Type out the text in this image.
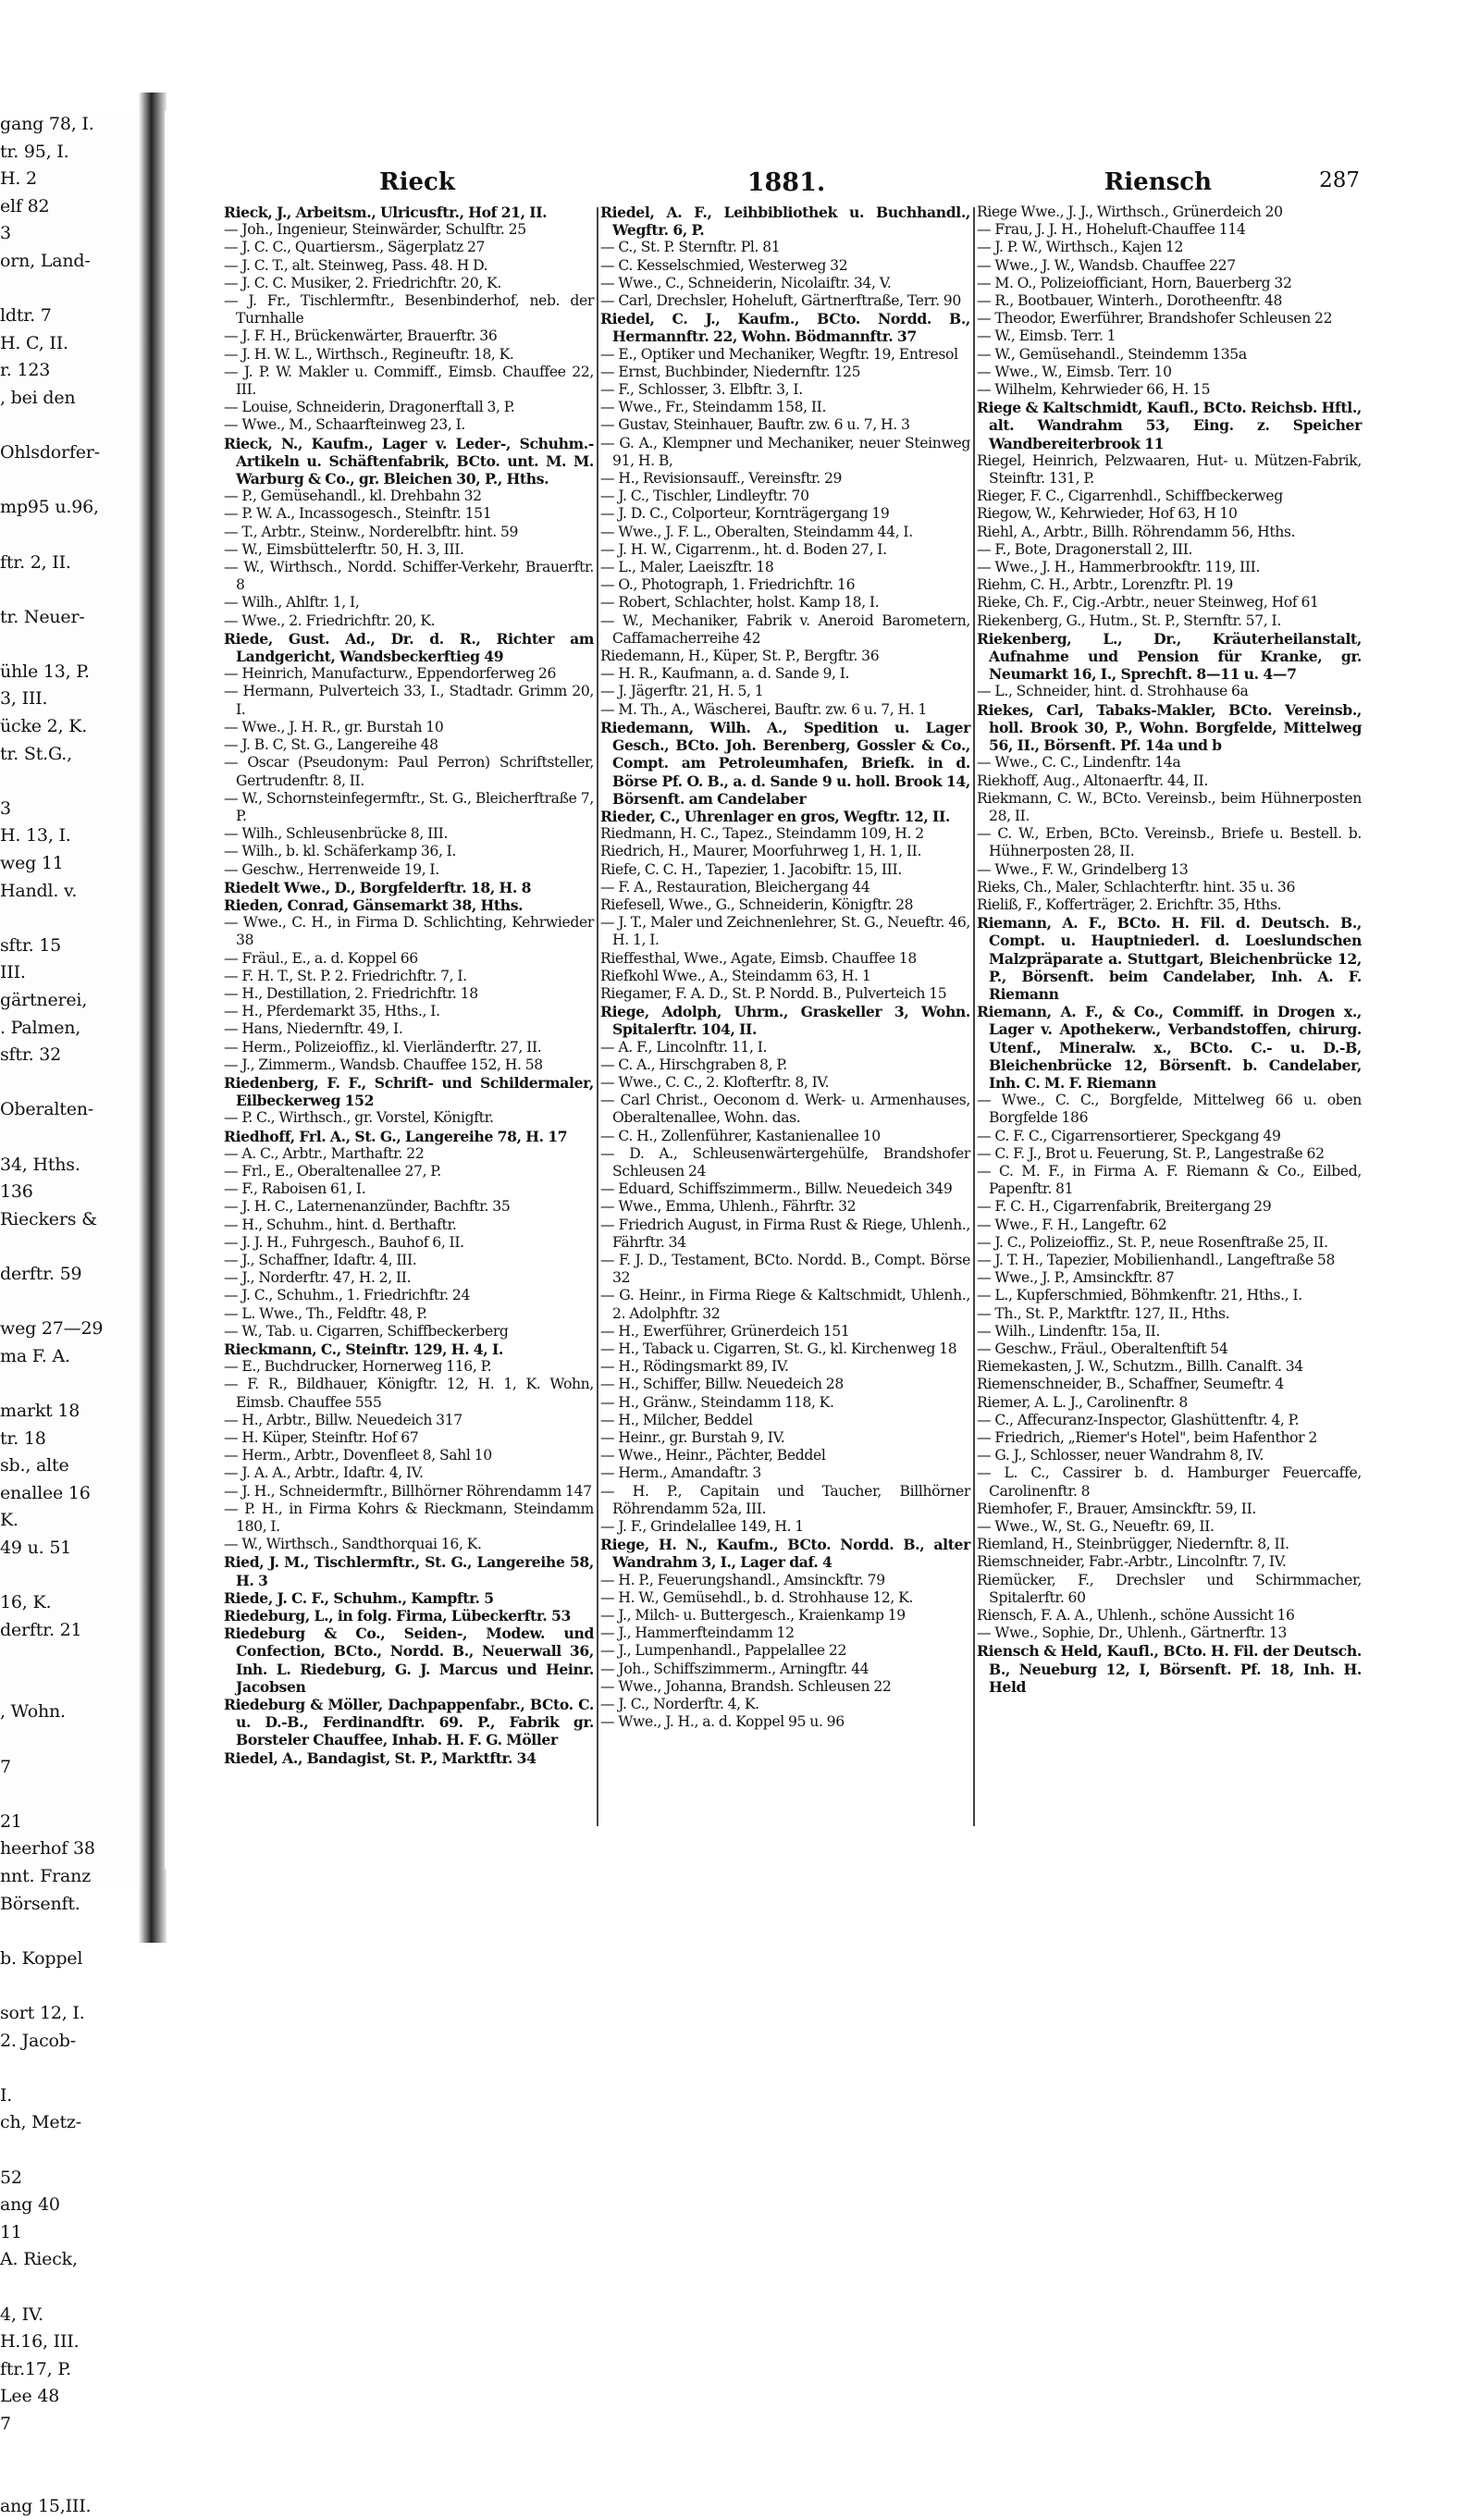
gang 78, I.
tr. 95, I.
H. 2
elf 82
3
orn, Land-

ldtr. 7
H. C, II.
r. 123
, bei den

Ohlsdorfer-

mp95 u.96,

ftr. 2, II.

tr. Neuer-

ühle 13, P.
3, III.
ücke 2, K.
tr. St.G.,

3
H. 13, I.
weg 11
Handl. v.

sftr. 15
III.
gärtnerei,
. Palmen,
sftr. 32

Oberalten-

34, Hths.
136
Rieckers &

derftr. 59

weg 27—29
ma F. A.

markt 18
tr. 18
sb., alte
enallee 16
K.
49 u. 51

16, K.
derftr. 21

, Wohn.

7

21
heerhof 38
nnt. Franz
Börsenft.

b. Koppel

sort 12, I.
2. Jacob-

I.
ch, Metz-

52
ang 40
11
A. Rieck,

4, IV.
H.16, III.
ftr.17, P.
Lee 48
7

ang 15,III.
Rieck	1881.	Riensch	287

Rieck, J., Arbeitsm., Ulricusftr., Hof 21, II.

— Joh., Ingenieur, Steinwärder, Schulftr. 25

— J. C. C., Quartiersm., Sägerplatz 27

— J. C. T., alt. Steinweg, Pass. 48. H D.

— J. C. C. Musiker, 2. Friedrichftr. 20, K.

— J. Fr., Tischlermftr., Besenbinderhof, neb. der Turnhalle

— J. F. H., Brückenwärter, Brauerftr. 36

— J. H. W. L., Wirthsch., Regineuftr. 18, K.

— J. P. W. Makler u. Commiff., Eimsb. Chauffee 22, III.

— Louise, Schneiderin, Dragonerftall 3, P.

— Wwe., M., Schaarfteinweg 23, I.

Rieck, N., Kaufm., Lager v. Leder-, Schuhm.-Artikeln u. Schäftenfabrik, BCto. unt. M. M. Warburg & Co., gr. Bleichen 30, P., Hths.

— P., Gemüsehandl., kl. Drehbahn 32

— P. W. A., Incassogesch., Steinftr. 151

— T., Arbtr., Steinw., Norderelbftr. hint. 59

— W., Eimsbüttelerftr. 50, H. 3, III.

— W., Wirthsch., Nordd. Schiffer-Verkehr, Brauerftr. 8

— Wilh., Ahlftr. 1, I,

— Wwe., 2. Friedrichftr. 20, K.

Riede, Gust. Ad., Dr. d. R., Richter am Landgericht, Wandsbeckerftieg 49

— Heinrich, Manufacturw., Eppendorferweg 26

— Hermann, Pulverteich 33, I., Stadtadr. Grimm 20, I.

— Wwe., J. H. R., gr. Burstah 10

— J. B. C, St. G., Langereihe 48

— Oscar (Pseudonym: Paul Perron) Schriftsteller, Gertrudenftr. 8, II.

— W., Schornsteinfegermftr., St. G., Bleicherftraße 7, P.

— Wilh., Schleusenbrücke 8, III.

— Wilh., b. kl. Schäferkamp 36, I.

— Geschw., Herrenweide 19, I.

Riedelt Wwe., D., Borgfelderftr. 18, H. 8

Rieden, Conrad, Gänsemarkt 38, Hths.

— Wwe., C. H., in Firma D. Schlichting, Kehrwieder 38

— Fräul., E., a. d. Koppel 66

— F. H. T., St. P. 2. Friedrichftr. 7, I.

— H., Destillation, 2. Friedrichftr. 18

— H., Pferdemarkt 35, Hths., I.

— Hans, Niedernftr. 49, I.

— Herm., Polizeioffiz., kl. Vierländerftr. 27, II.

— J., Zimmerm., Wandsb. Chauffee 152, H. 58

Riedenberg, F. F., Schrift- und Schildermaler, Eilbeckerweg 152

— P. C., Wirthsch., gr. Vorstel, Königftr.

Riedhoff, Frl. A., St. G., Langereihe 78, H. 17

— A. C., Arbtr., Marthaftr. 22

— Frl., E., Oberaltenallee 27, P.

— F., Raboisen 61, I.

— J. H. C., Laternenanzünder, Bachftr. 35

— H., Schuhm., hint. d. Berthaftr.

— J. J. H., Fuhrgesch., Bauhof 6, II.

— J., Schaffner, Idaftr. 4, III.

— J., Norderftr. 47, H. 2, II.

— J. C., Schuhm., 1. Friedrichftr. 24

— L. Wwe., Th., Feldftr. 48, P.

— W., Tab. u. Cigarren, Schiffbeckerberg

Rieckmann, C., Steinftr. 129, H. 4, I.

— E., Buchdrucker, Hornerweg 116, P.

— F. R., Bildhauer, Königftr. 12, H. 1, K. Wohn, Eimsb. Chauffee 555

— H., Arbtr., Billw. Neuedeich 317

— H. Küper, Steinftr. Hof 67

— Herm., Arbtr., Dovenfleet 8, Sahl 10

— J. A. A., Arbtr., Idaftr. 4, IV.

— J. H., Schneidermftr., Billhörner Röhrendamm 147

— P. H., in Firma Kohrs & Rieckmann, Steindamm 180, I.

— W., Wirthsch., Sandthorquai 16, K.

Ried, J. M., Tischlermftr., St. G., Langereihe 58, H. 3

Riede, J. C. F., Schuhm., Kampftr. 5

Riedeburg, L., in folg. Firma, Lübeckerftr. 53

Riedeburg & Co., Seiden-, Modew. und Confection, BCto., Nordd. B., Neuerwall 36, Inh. L. Riedeburg, G. J. Marcus und Heinr. Jacobsen

Riedeburg & Möller, Dachpappenfabr., BCto. C. u. D.-B., Ferdinandftr. 69. P., Fabrik gr. Borsteler Chauffee, Inhab. H. F. G. Möller

Riedel, A., Bandagist, St. P., Marktftr. 34

Riedel, A. F., Leihbibliothek u. Buchhandl., Wegftr. 6, P.

— C., St. P. Sternftr. Pl. 81

— C. Kesselschmied, Westerweg 32

— Wwe., C., Schneiderin, Nicolaiftr. 34, V.

— Carl, Drechsler, Hoheluft, Gärtnerftraße, Terr. 90

Riedel, C. J., Kaufm., BCto. Nordd. B., Hermannftr. 22, Wohn. Bödmannftr. 37

— E., Optiker und Mechaniker, Wegftr. 19, Entresol

— Ernst, Buchbinder, Niedernftr. 125

— F., Schlosser, 3. Elbftr. 3, I.

— Wwe., Fr., Steindamm 158, II.

— Gustav, Steinhauer, Bauftr. zw. 6 u. 7, H. 3

— G. A., Klempner und Mechaniker, neuer Steinweg 91, H. B,

— H., Revisionsauff., Vereinsftr. 29

— J. C., Tischler, Lindleyftr. 70

— J. D. C., Colporteur, Kornträgergang 19

— Wwe., J. F. L., Oberalten, Steindamm 44, I.

— J. H. W., Cigarrenm., ht. d. Boden 27, I.

— L., Maler, Laeiszftr. 18

— O., Photograph, 1. Friedrichftr. 16

— Robert, Schlachter, holst. Kamp 18, I.

— W., Mechaniker, Fabrik v. Aneroid Barometern, Caffamacherreihe 42

Riedemann, H., Küper, St. P., Bergftr. 36

— H. R., Kaufmann, a. d. Sande 9, I.

— J. Jägerftr. 21, H. 5, 1

— M. Th., A., Wäscherei, Bauftr. zw. 6 u. 7, H. 1

Riedemann, Wilh. A., Spedition u. Lager Gesch., BCto. Joh. Berenberg, Gossler & Co., Compt. am Petroleumhafen, Briefk. in d. Börse Pf. O. B., a. d. Sande 9 u. holl. Brook 14, Börsenft. am Candelaber

Rieder, C., Uhrenlager en gros, Wegftr. 12, II.

Riedmann, H. C., Tapez., Steindamm 109, H. 2

Riedrich, H., Maurer, Moorfuhrweg 1, H. 1, II.

Riefe, C. C. H., Tapezier, 1. Jacobiftr. 15, III.

— F. A., Restauration, Bleichergang 44

Riefesell, Wwe., G., Schneiderin, Königftr. 28

— J. T., Maler und Zeichnenlehrer, St. G., Neueftr. 46, H. 1, I.

Rieffesthal, Wwe., Agate, Eimsb. Chauffee 18

Riefkohl Wwe., A., Steindamm 63, H. 1

Riegamer, F. A. D., St. P. Nordd. B., Pulverteich 15

Riege, Adolph, Uhrm., Graskeller 3, Wohn. Spitalerftr. 104, II.

— A. F., Lincolnftr. 11, I.

— C. A., Hirschgraben 8, P.

— Wwe., C. C., 2. Klofterftr. 8, IV.

— Carl Christ., Oeconom d. Werk- u. Armenhauses, Oberaltenallee, Wohn. das.

— C. H., Zollenführer, Kastanienallee 10

— D. A., Schleusenwärtergehülfe, Brandshofer Schleusen 24

— Eduard, Schiffszimmerm., Billw. Neuedeich 349

— Wwe., Emma, Uhlenh., Fährftr. 32

— Friedrich August, in Firma Rust & Riege, Uhlenh., Fährftr. 34

— F. J. D., Testament, BCto. Nordd. B., Compt. Börse 32

— G. Heinr., in Firma Riege & Kaltschmidt, Uhlenh., 2. Adolphftr. 32

— H., Ewerführer, Grünerdeich 151

— H., Taback u. Cigarren, St. G., kl. Kirchenweg 18

— H., Rödingsmarkt 89, IV.

— H., Schiffer, Billw. Neuedeich 28

— H., Gränw., Steindamm 118, K.

— H., Milcher, Beddel

— Heinr., gr. Burstah 9, IV.

— Wwe., Heinr., Pächter, Beddel

— Herm., Amandaftr. 3

— H. P., Capitain und Taucher, Billhörner Röhrendamm 52a, III.

— J. F., Grindelallee 149, H. 1

Riege, H. N., Kaufm., BCto. Nordd. B., alter Wandrahm 3, I., Lager daf. 4

— H. P., Feuerungshandl., Amsinckftr. 79

— H. W., Gemüsehdl., b. d. Strohhause 12, K.

— J., Milch- u. Buttergesch., Kraienkamp 19

— J., Hammerfteindamm 12

— J., Lumpenhandl., Pappelallee 22

— Joh., Schiffszimmerm., Arningftr. 44

— Wwe., Johanna, Brandsh. Schleusen 22

— J. C., Norderftr. 4, K.

— Wwe., J. H., a. d. Koppel 95 u. 96

Riege Wwe., J. J., Wirthsch., Grünerdeich 20

— Frau, J. J. H., Hoheluft-Chauffee 114

— J. P. W., Wirthsch., Kajen 12

— Wwe., J. W., Wandsb. Chauffee 227

— M. O., Polizeiofficiant, Horn, Bauerberg 32

— R., Bootbauer, Winterh., Dorotheenftr. 48

— Theodor, Ewerführer, Brandshofer Schleusen 22

— W., Eimsb. Terr. 1

— W., Gemüsehandl., Steindemm 135a

— Wwe., W., Eimsb. Terr. 10

— Wilhelm, Kehrwieder 66, H. 15

Riege & Kaltschmidt, Kaufl., BCto. Reichsb. Hftl., alt. Wandrahm 53, Eing. z. Speicher Wandbereiterbrook 11

Riegel, Heinrich, Pelzwaaren, Hut- u. Mützen-Fabrik, Steinftr. 131, P.

Rieger, F. C., Cigarrenhdl., Schiffbeckerweg

Riegow, W., Kehrwieder, Hof 63, H 10

Riehl, A., Arbtr., Billh. Röhrendamm 56, Hths.

— F., Bote, Dragonerstall 2, III.

— Wwe., J. H., Hammerbrookftr. 119, III.

Riehm, C. H., Arbtr., Lorenzftr. Pl. 19

Rieke, Ch. F., Cig.-Arbtr., neuer Steinweg, Hof 61

Riekenberg, G., Hutm., St. P., Sternftr. 57, I.

Riekenberg, L., Dr., Kräuterheilanstalt, Aufnahme und Pension für Kranke, gr. Neumarkt 16, I., Sprechft. 8—11 u. 4—7

— L., Schneider, hint. d. Strohhause 6a

Riekes, Carl, Tabaks-Makler, BCto. Vereinsb., holl. Brook 30, P., Wohn. Borgfelde, Mittelweg 56, II., Börsenft. Pf. 14a und b

— Wwe., C. C., Lindenftr. 14a

Riekhoff, Aug., Altonaerftr. 44, II.

Riekmann, C. W., BCto. Vereinsb., beim Hühnerposten 28, II.

— C. W., Erben, BCto. Vereinsb., Briefe u. Bestell. b. Hühnerposten 28, II.

— Wwe., F. W., Grindelberg 13

Rieks, Ch., Maler, Schlachterftr. hint. 35 u. 36

Rieliß, F., Kofferträger, 2. Erichftr. 35, Hths.

Riemann, A. F., BCto. H. Fil. d. Deutsch. B., Compt. u. Hauptniederl. d. Loeslundschen Malzpräparate a. Stuttgart, Bleichenbrücke 12, P., Börsenft. beim Candelaber, Inh. A. F. Riemann

Riemann, A. F., & Co., Commiff. in Drogen x., Lager v. Apothekerw., Verbandstoffen, chirurg. Utenf., Mineralw. x., BCto. C.- u. D.-B, Bleichenbrücke 12, Börsenft. b. Candelaber, Inh. C. M. F. Riemann

— Wwe., C. C., Borgfelde, Mittelweg 66 u. oben Borgfelde 186

— C. F. C., Cigarrensortierer, Speckgang 49

— C. F. J., Brot u. Feuerung, St. P., Langestraße 62

— C. M. F., in Firma A. F. Riemann & Co., Eilbed, Papenftr. 81

— F. C. H., Cigarrenfabrik, Breitergang 29

— Wwe., F. H., Langeftr. 62

— J. C., Polizeioffiz., St. P., neue Rosenftraße 25, II.

— J. T. H., Tapezier, Mobilienhandl., Langeftraße 58

— Wwe., J. P., Amsinckftr. 87

— L., Kupferschmied, Böhmkenftr. 21, Hths., I.

— Th., St. P., Marktftr. 127, II., Hths.

— Wilh., Lindenftr. 15a, II.

— Geschw., Fräul., Oberaltenftift 54

Riemekasten, J. W., Schutzm., Billh. Canalft. 34

Riemenschneider, B., Schaffner, Seumeftr. 4

Riemer, A. L. J., Carolinenftr. 8

— C., Affecuranz-Inspector, Glashüttenftr. 4, P.

— Friedrich, „Riemer's Hotel", beim Hafenthor 2

— G. J., Schlosser, neuer Wandrahm 8, IV.

— L. C., Cassirer b. d. Hamburger Feuercaffe, Carolinenftr. 8

Riemhofer, F., Brauer, Amsinckftr. 59, II.

— Wwe., W., St. G., Neueftr. 69, II.

Riemland, H., Steinbrügger, Niedernftr. 8, II.

Riemschneider, Fabr.-Arbtr., Lincolnftr. 7, IV.

Riemücker, F., Drechsler und Schirmmacher, Spitalerftr. 60

Riensch, F. A. A., Uhlenh., schöne Aussicht 16

— Wwe., Sophie, Dr., Uhlenh., Gärtnerftr. 13

Riensch & Held, Kaufl., BCto. H. Fil. der Deutsch. B., Neueburg 12, I, Börsenft. Pf. 18, Inh. H. Held
